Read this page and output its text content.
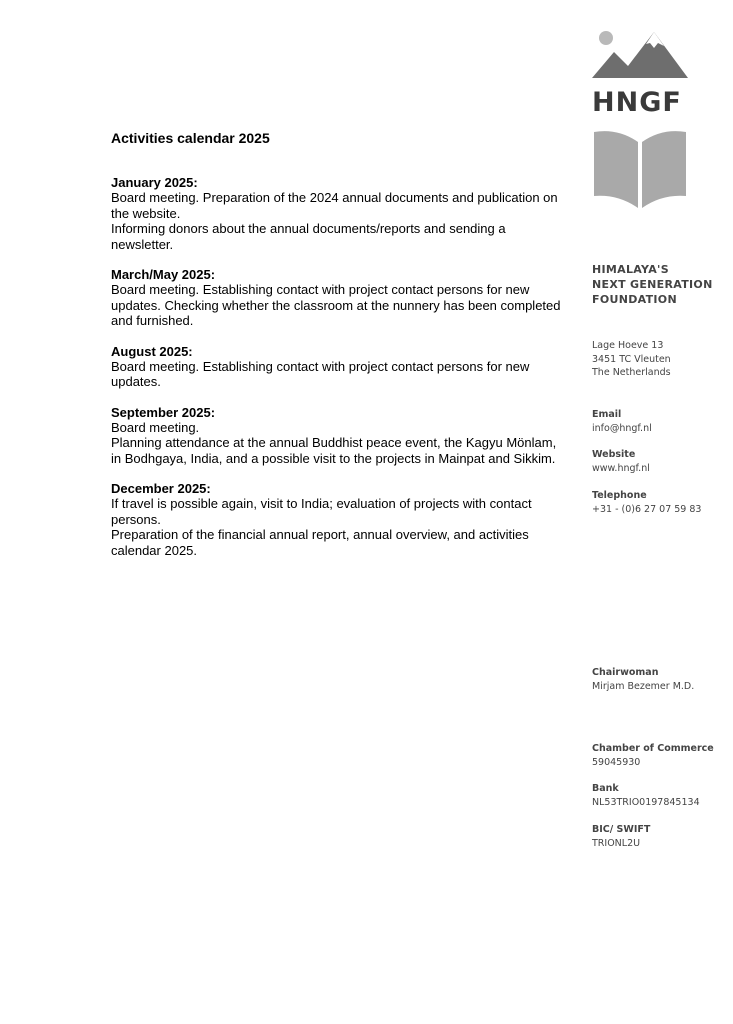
Activities calendar 2025
January 2025:

Board meeting. Preparation of the 2024 annual documents and publication on the website.

Informing donors about the annual documents/reports and sending a newsletter.

March/May 2025:

Board meeting. Establishing contact with project contact persons for new updates. Checking whether the classroom at the nunnery has been completed and furnished.

August 2025:

Board meeting. Establishing contact with project contact persons for new updates.

September 2025:

Board meeting.

Planning attendance at the annual Buddhist peace event, the Kagyu Mönlam, in Bodhgaya, India, and a possible visit to the projects in Mainpat and Sikkim.

December 2025:

If travel is possible again, visit to India; evaluation of projects with contact persons.

Preparation of the financial annual report, annual overview, and activities calendar 2025.

HNGF
HIMALAYA'S
NEXT GENERATION
FOUNDATION
Lage Hoeve 13
3451 TC Vleuten
The Netherlands
Email
info@hngf.nl
Website
www.hngf.nl
Telephone
+31 - (0)6 27 07 59 83
Chairwoman
Mirjam Bezemer M.D.
Chamber of Commerce
59045930
Bank
NL53TRIO0197845134
BIC/ SWIFT
TRIONL2U
